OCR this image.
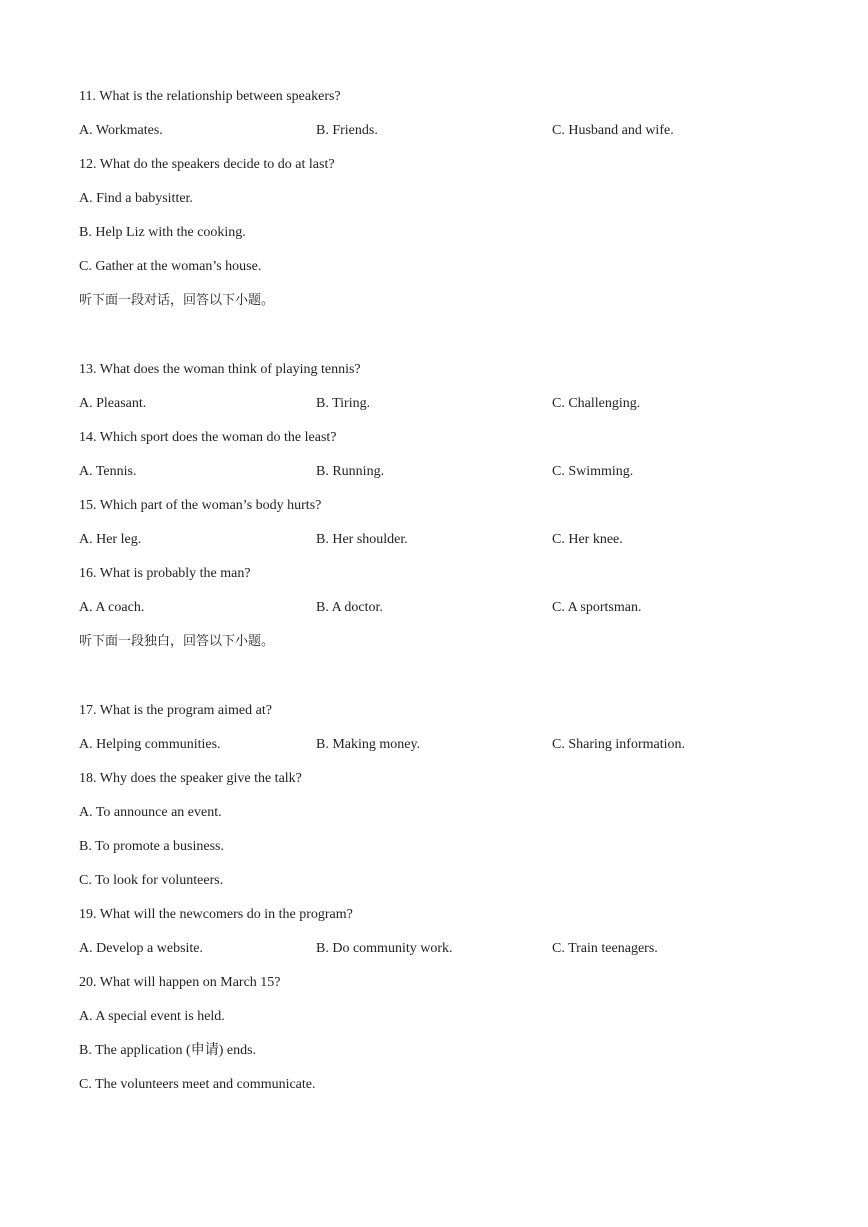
11. What is the relationship between speakers?
A. Workmates.	B. Friends.	C. Husband and wife.
12. What do the speakers decide to do at last?
A. Find a babysitter.
B. Help Liz with the cooking.
C. Gather at the woman’s house.
听下面一段对话，回答以下小题。
13. What does the woman think of playing tennis?
A. Pleasant.	B. Tiring.	C. Challenging.
14. Which sport does the woman do the least?
A. Tennis.	B. Running.	C. Swimming.
15. Which part of the woman’s body hurts?
A. Her leg.	B. Her shoulder.	C. Her knee.
16. What is probably the man?
A. A coach.	B. A doctor.	C. A sportsman.
听下面一段独白，回答以下小题。
17. What is the program aimed at?
A. Helping communities.	B. Making money.	C. Sharing information.
18. Why does the speaker give the talk?
A. To announce an event.
B. To promote a business.
C. To look for volunteers.
19. What will the newcomers do in the program?
A. Develop a website.	B. Do community work.	C. Train teenagers.
20. What will happen on March 15?
A. A special event is held.
B. The application (申请) ends.
C. The volunteers meet and communicate.
